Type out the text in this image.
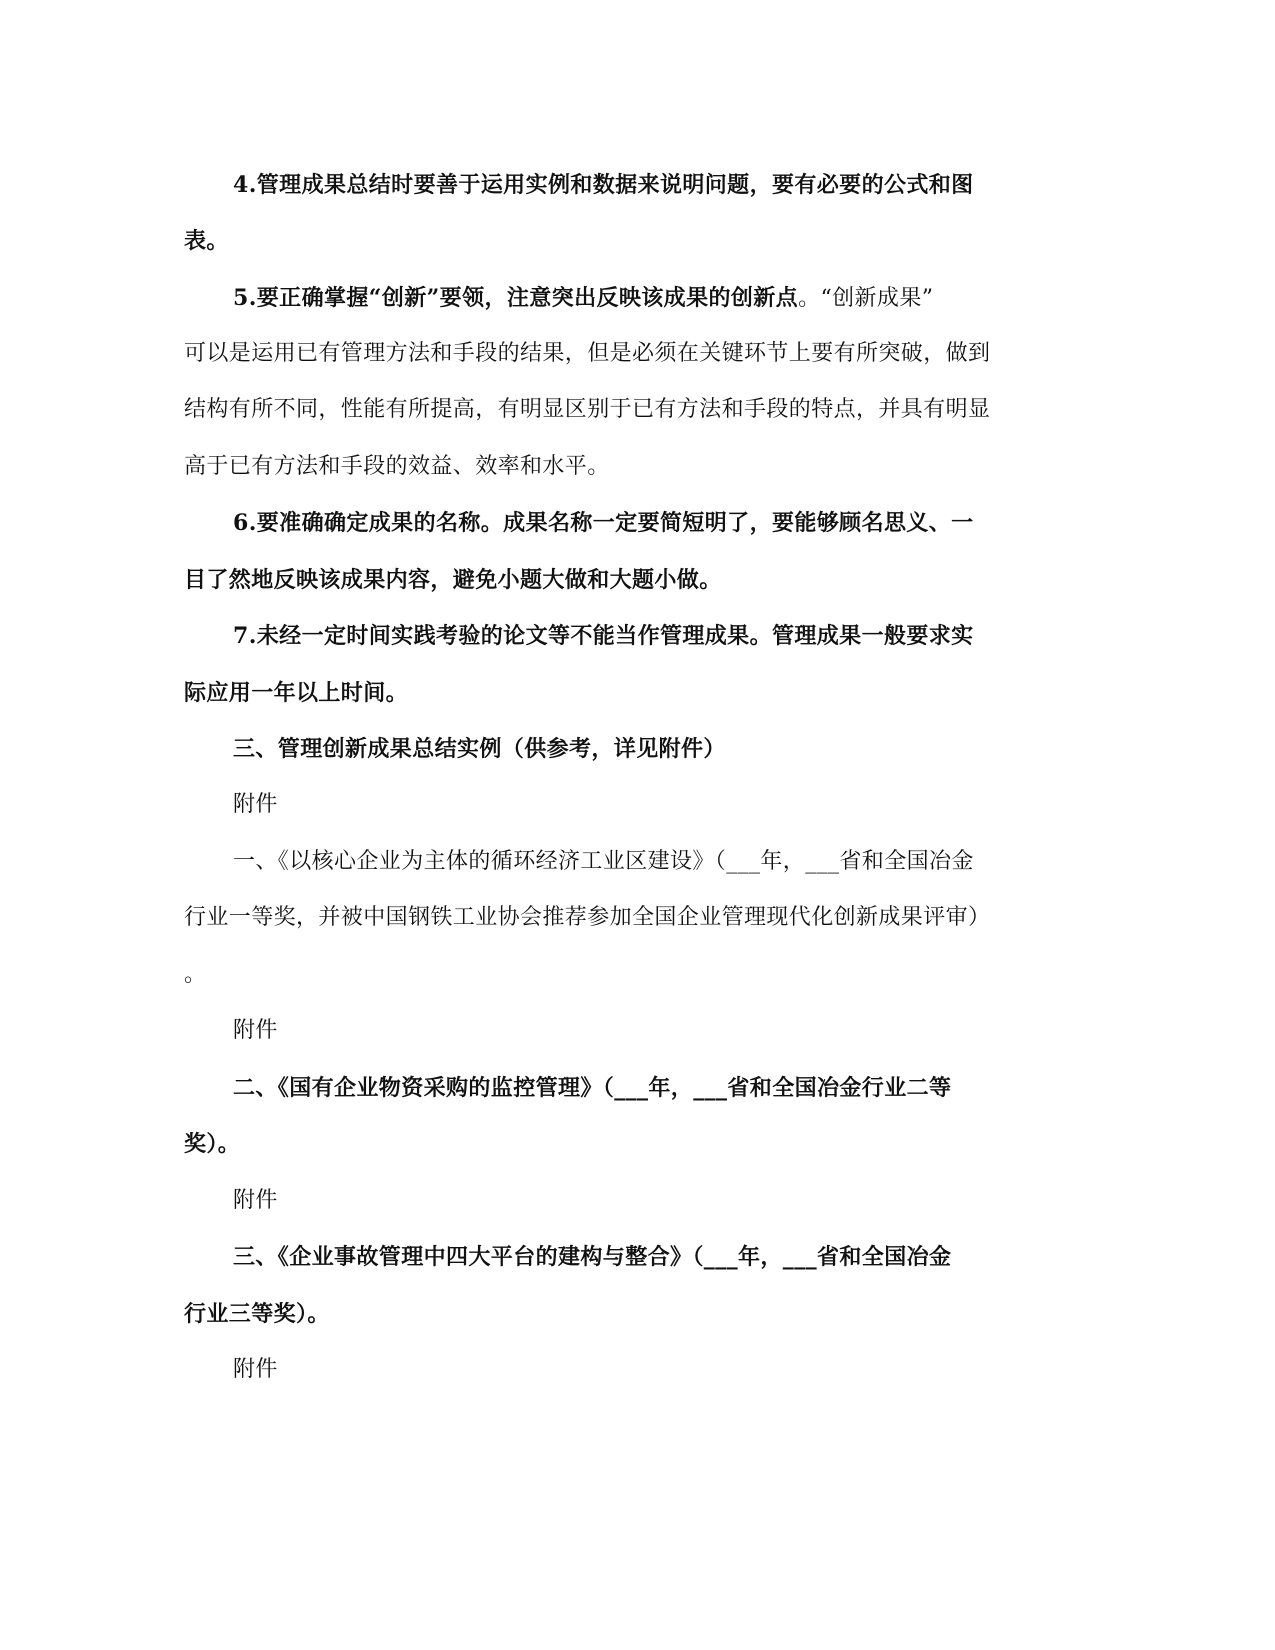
4.管理成果总结时要善于运用实例和数据来说明问题，要有必要的公式和图
表。
5.要正确掌握“创新”要领，注意突出反映该成果的创新点。“创新成果”
可以是运用已有管理方法和手段的结果，但是必须在关键环节上要有所突破，做到
结构有所不同，性能有所提高，有明显区别于已有方法和手段的特点，并具有明显
高于已有方法和手段的效益、效率和水平。
6.要准确确定成果的名称。成果名称一定要简短明了，要能够顾名思义、一
目了然地反映该成果内容，避免小题大做和大题小做。
7.未经一定时间实践考验的论文等不能当作管理成果。管理成果一般要求实
际应用一年以上时间。
三、管理创新成果总结实例（供参考，详见附件）
附件
一、《以核心企业为主体的循环经济工业区建设》（___年，___省和全国冶金
行业一等奖，并被中国钢铁工业协会推荐参加全国企业管理现代化创新成果评审）
。
附件
二、《国有企业物资采购的监控管理》（___年，___省和全国冶金行业二等
奖）。
附件
三、《企业事故管理中四大平台的建构与整合》（___年，___省和全国冶金
行业三等奖）。
附件
